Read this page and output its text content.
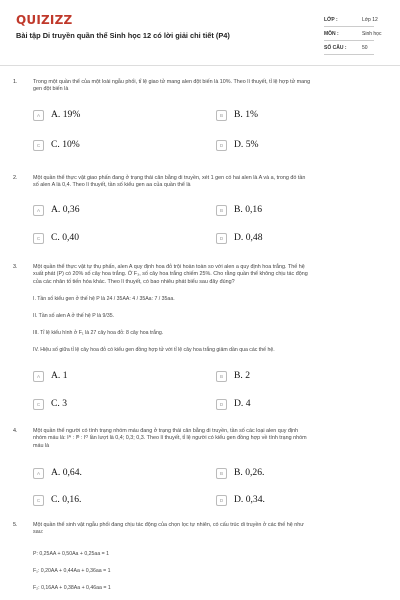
QUIZIZZ
Bài tập Di truyền quần thể Sinh học 12 có lời giải chi tiết (P4)
LỚP :	Lớp 12
MÔN :	Sinh học
SỐ CÂU :	50
1.	Trong một quần thể của một loài ngẫu phối, tỉ lệ giao tử mang alen đột biến là 10%. Theo lí thuyết, tỉ lệ hợp tử mang
gen đột biến là
A	A. 19%	B	B. 1%
C	C. 10%	D	D. 5%
2.	Một quần thể thực vật giao phấn đang ở trạng thái cân bằng di truyền, xét 1 gen có hai alen là A và a, trong đó tần
số alen A là 0,4. Theo lí thuyết, tần số kiểu gen aa của quần thể là
A	A. 0,36	B	B. 0,16
C	C. 0,40	D	D. 0,48
3.	Một quần thể thực vật tự thụ phấn, alen A quy định hoa đỏ trội hoàn toàn so với alen a quy định hoa trắng. Thế hệ
xuất phát (P) có 20% số cây hoa trắng. Ở F₃, số cây hoa trắng chiếm 25%. Cho rằng quần thể không chịu tác động
của các nhân tố tiến hóa khác. Theo lí thuyết, có bao nhiêu phát biểu sau đây đúng?
I. Tần số kiểu gen ở thế hệ P là 24 / 35AA: 4 / 35Aa: 7 / 35aa.
II. Tần số alen A ở thế hệ P là 9/35.
III. Tỉ lệ kiểu hình ở F₁ là 27 cây hoa đỏ: 8 cây hoa trắng.
IV. Hiệu số giữa tỉ lệ cây hoa đỏ có kiểu gen đồng hợp tử với tỉ lệ cây hoa trắng giảm dần qua các thế hệ.
A	A. 1	B	B. 2
C	C. 3	D	D. 4
4.	Một quần thể người có tính trạng nhóm máu đang ở trạng thái cân bằng di truyền, tần số các loại alen quy định
nhóm máu là: Iᴬ : Iᴮ : Iᴼ lần lượt là 0,4; 0,3; 0,3. Theo lí thuyết, tỉ lệ người có kiểu gen đồng hợp về tính trạng nhóm
máu là
A	A. 0,64.	B	B. 0,26.
C	C. 0,16.	D	D. 0,34.
5.	Một quần thể sinh vật ngẫu phối đang chịu tác động của chọn lọc tự nhiên, có cấu trúc di truyền ở các thế hệ như
sau:
P: 0,25AA + 0,50Aa + 0,25aa = 1
F₁: 0,20AA + 0,44Aa + 0,36aa = 1
F₂: 0,16AA + 0,38Aa + 0,46aa = 1
